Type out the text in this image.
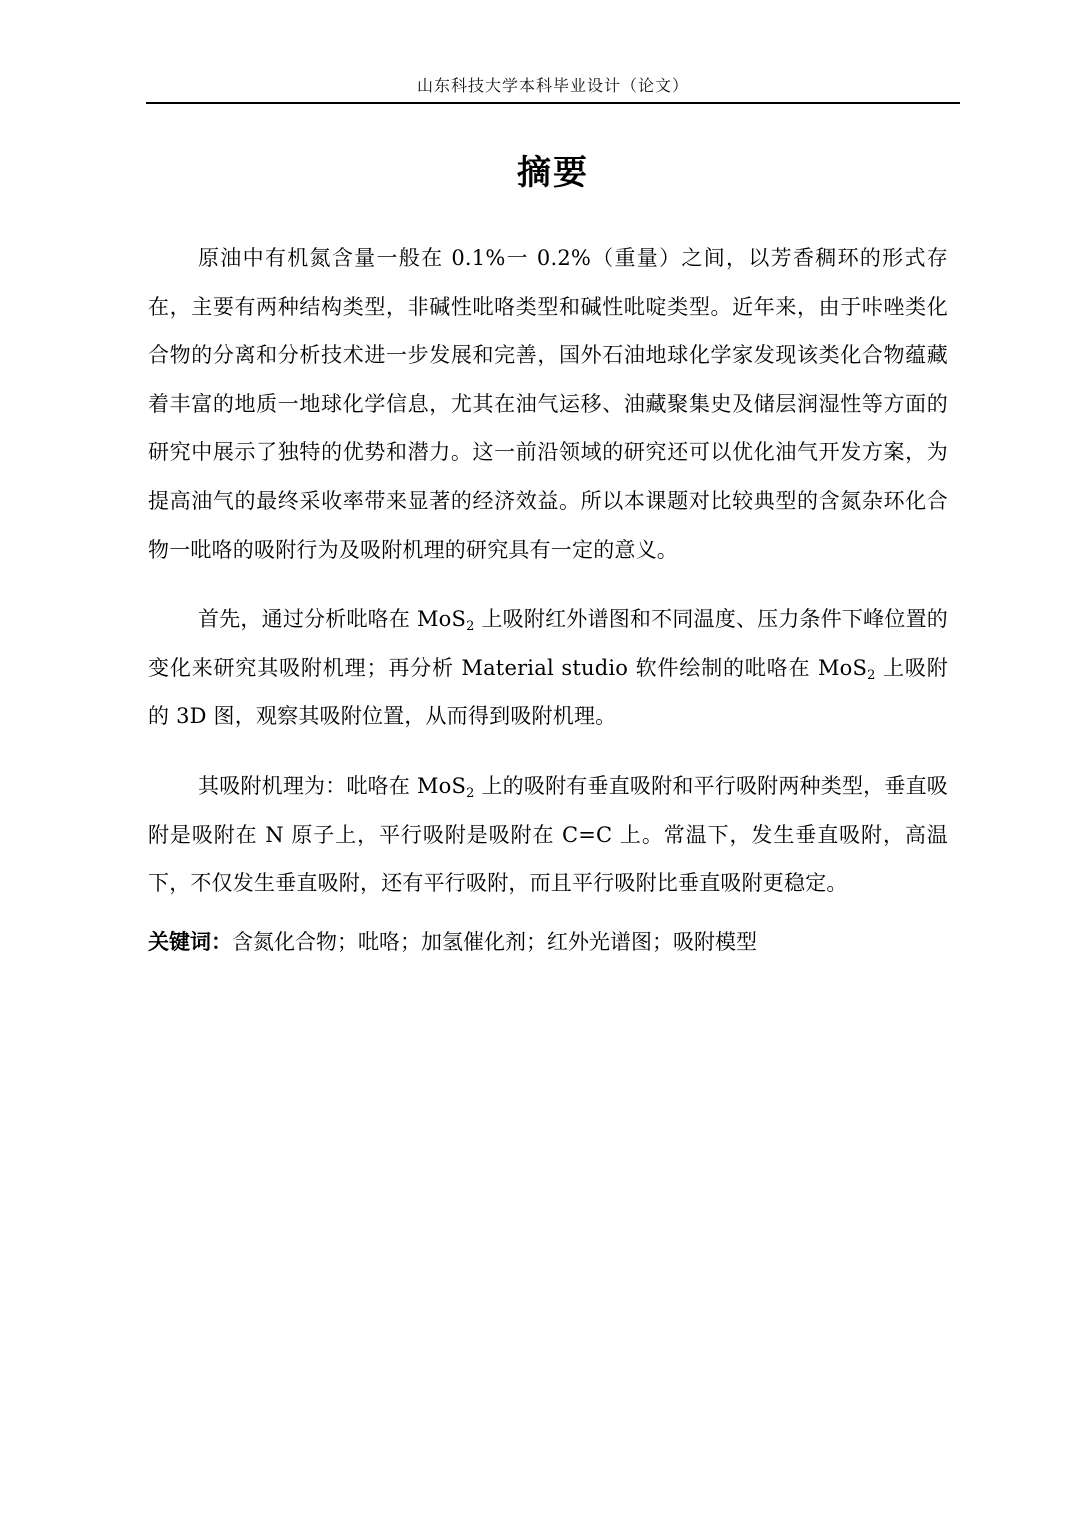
山东科技大学本科毕业设计（论文）
摘要

原油中有机氮含量一般在 0.1%一 0.2%（重量）之间，以芳香稠环的形式存在，主要有两种结构类型，非碱性吡咯类型和碱性吡啶类型。近年来，由于咔唑类化合物的分离和分析技术进一步发展和完善，国外石油地球化学家发现该类化合物蕴藏着丰富的地质一地球化学信息，尤其在油气运移、油藏聚集史及储层润湿性等方面的研究中展示了独特的优势和潜力。这一前沿领域的研究还可以优化油气开发方案，为提高油气的最终采收率带来显著的经济效益。所以本课题对比较典型的含氮杂环化合物一吡咯的吸附行为及吸附机理的研究具有一定的意义。

首先，通过分析吡咯在 MoS$_2$ 上吸附红外谱图和不同温度、压力条件下峰位置的变化来研究其吸附机理；再分析 Material studio 软件绘制的吡咯在 MoS$_2$ 上吸附的 3D 图，观察其吸附位置，从而得到吸附机理。

其吸附机理为：吡咯在 MoS$_2$ 上的吸附有垂直吸附和平行吸附两种类型，垂直吸附是吸附在 N 原子上，平行吸附是吸附在 C=C 上。常温下，发生垂直吸附，高温下，不仅发生垂直吸附，还有平行吸附，而且平行吸附比垂直吸附更稳定。

关键词：含氮化合物；吡咯；加氢催化剂；红外光谱图；吸附模型
